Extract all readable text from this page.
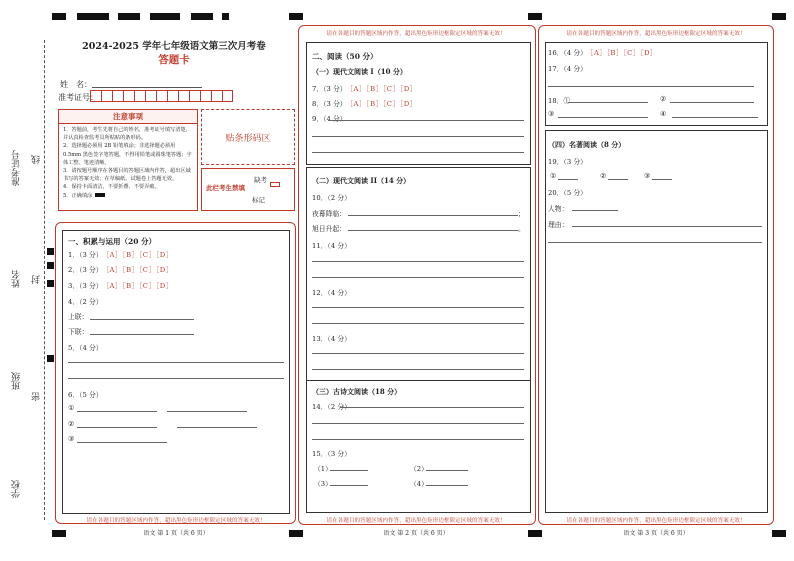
准考证号 线
姓名 封
班级
密
学校
2024-2025 学年七年级语文第三次月考卷
答题卡
姓　名：
准考证号：
注意事项
1．答题前，考生先将自己的姓名，准考证号填写清楚，并认真检查监考员所粘贴的条形码。
2．选择题必须用 2B 铅笔填涂；非选择题必须用 0.5mm 黑色签字笔答题，不得用铅笔或圆珠笔答题；字体工整、笔迹清晰。
3．请按题号顺序在各题目的答题区域内作答，超出区域书写的答案无效；在草稿纸、试题卷上答题无效。
4．保持卡面清洁，不要折叠、不要弄破。
5．正确填涂
贴条形码区
此栏考生禁填
缺考
标记
请在各题目的答题区域内作答，超出黑色矩形边框限定区域的答案无效！
语文 第 1 页（共 6 页）
一、积累与运用（20 分）
1．（3 分） ［A］［B］［C］［D］
2．（3 分） ［A］［B］［C］［D］
3．（3 分） ［A］［B］［C］［D］
4．（2 分）
上联：
下联：
5．（4 分）
6．（5 分）
①
②
③
请在各题目的答题区域内作答，超出黑色矩形边框限定区域的答案无效！
请在各题目的答题区域内作答，超出黑色矩形边框限定区域的答案无效！
语文 第 2 页（共 6 页）
二、阅读（50 分）
（一）现代文阅读 I（10 分）
7．（3 分） ［A］［B］［C］［D］
8．（3 分） ［A］［B］［C］［D］
9．（4 分）
（二）现代文阅读 II（14 分）
10．（2 分）
夜幕降临：	；
旭日升起：	。
11．（4 分）
12．（4 分）
13．（4 分）
（三）古诗文阅读（18 分）
14．（2 分）
15．（3 分）
（1）	（2）
（3）	（4）
请在各题目的答题区域内作答，超出黑色矩形边框限定区域的答案无效！
请在各题目的答题区域内作答，超出黑色矩形边框限定区域的答案无效！
语文 第 3 页（共 6 页）
16．（4 分） ［A］［B］［C］［D］
17．（4 分）
18．①	②
③	④
（四）名著阅读（8 分）
19．（3 分）
①	②	③
20．（5 分）
人物：
理由：
